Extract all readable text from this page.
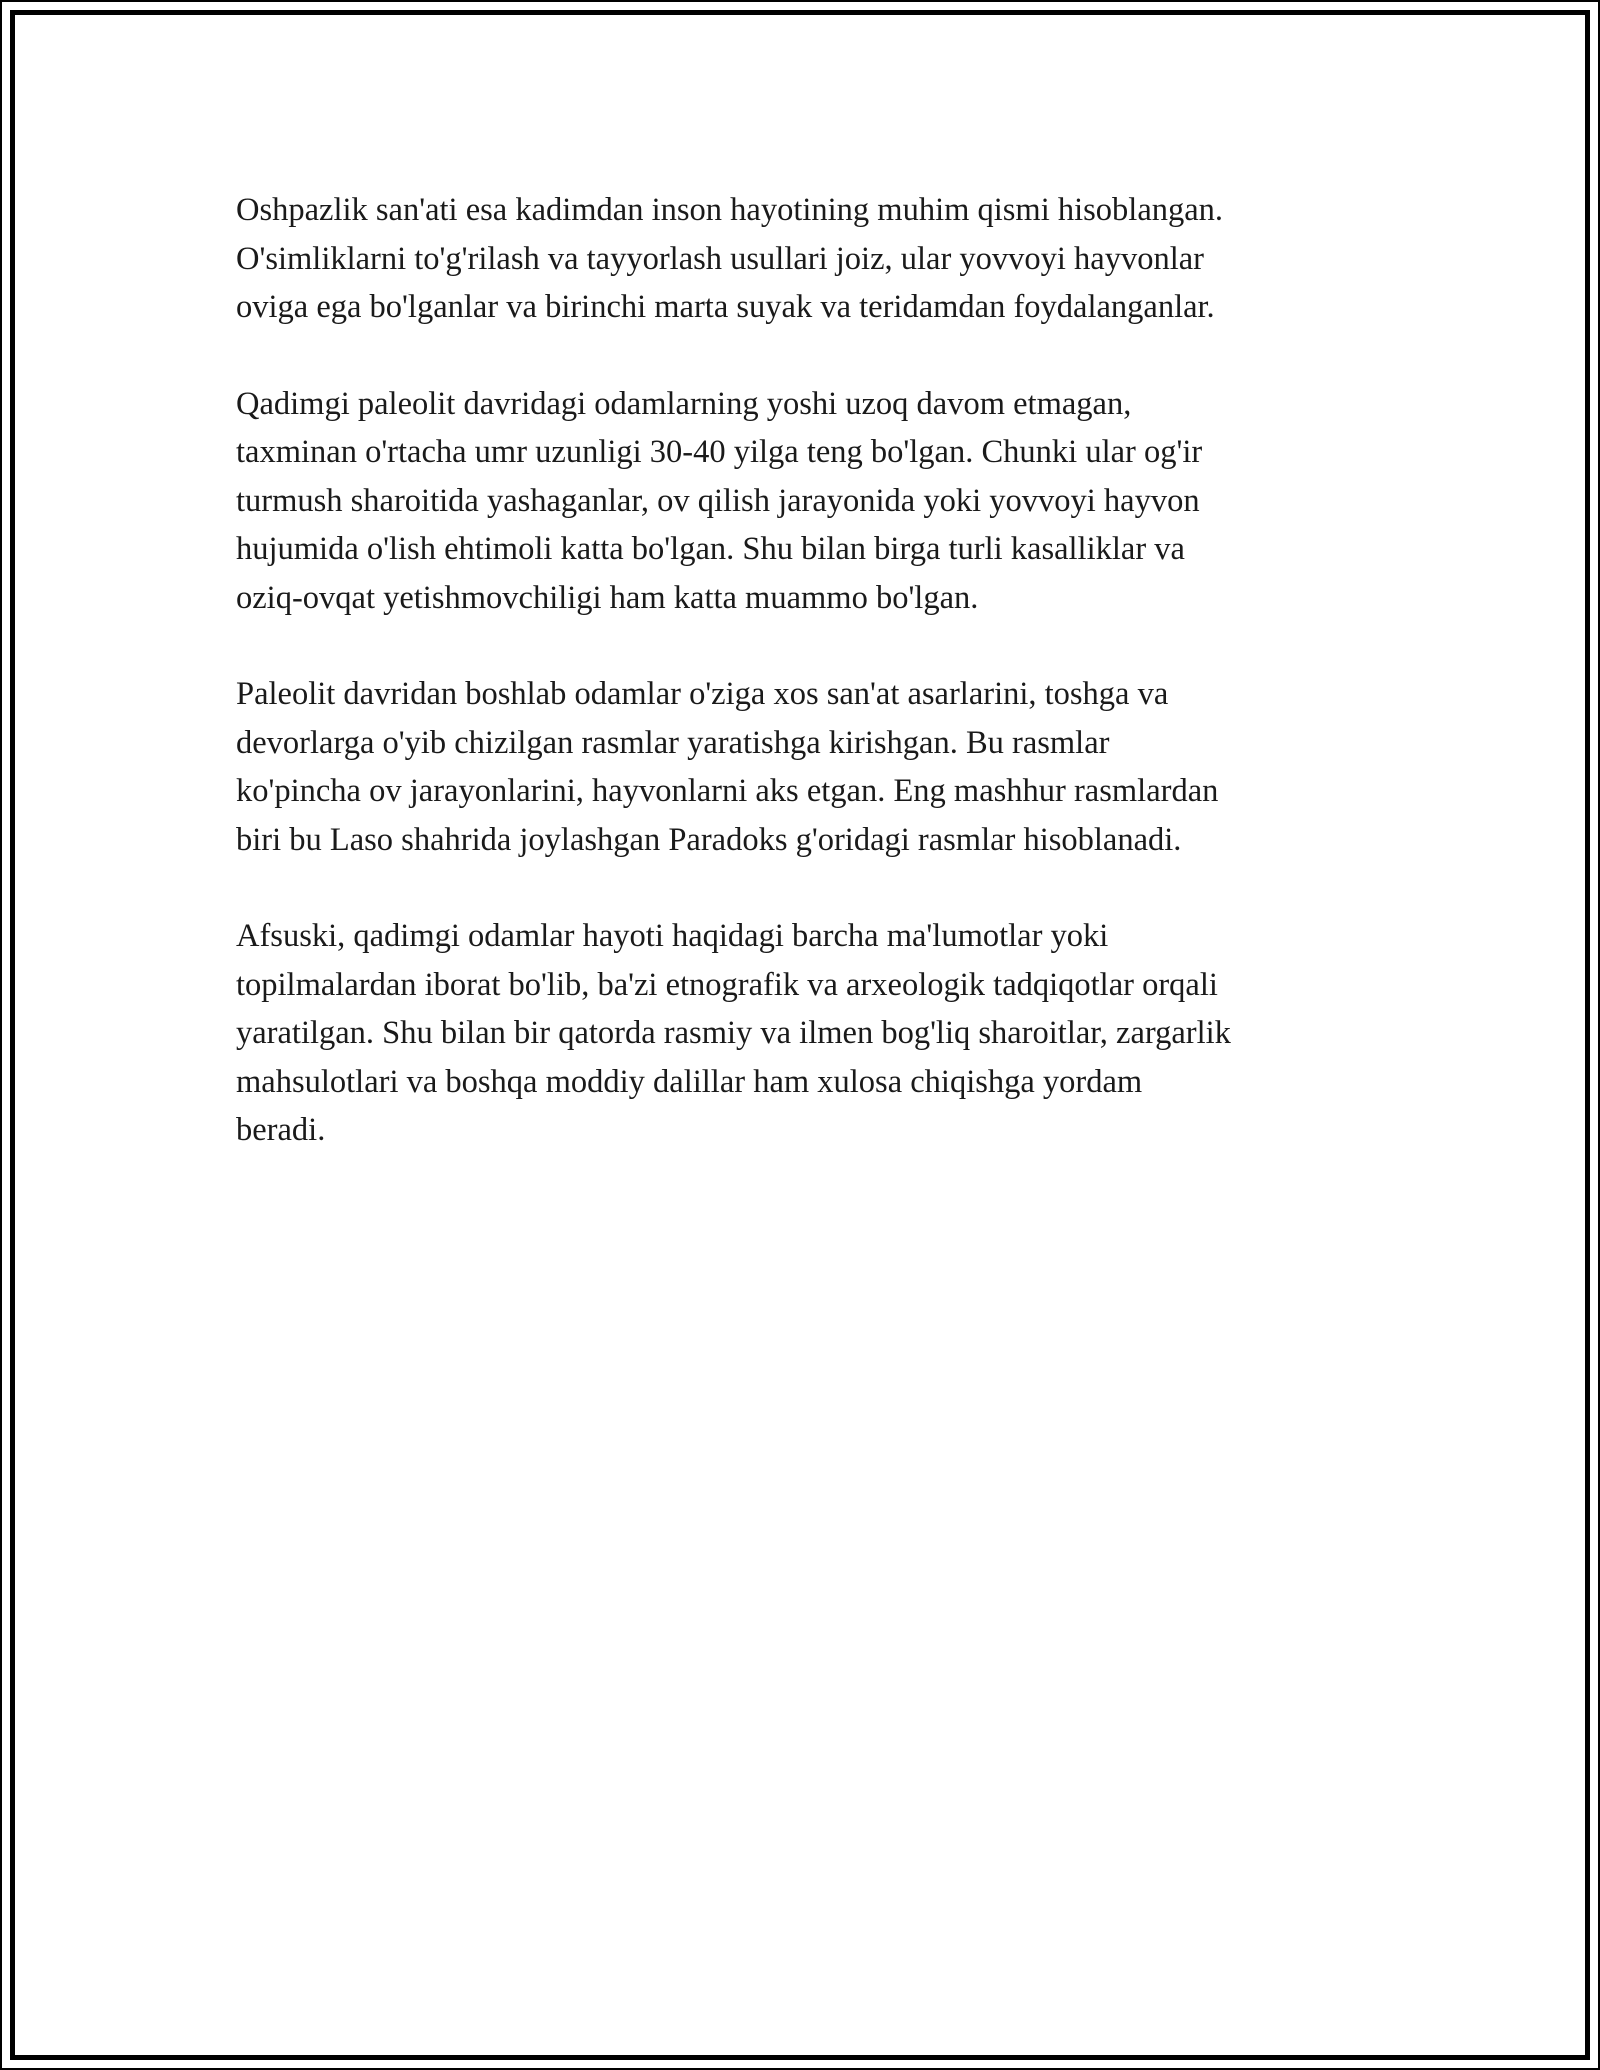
Oshpazlik san'ati esa kadimdan inson hayotining muhim qismi hisoblangan.
O'simliklarni to'g'rilash va tayyorlash usullari joiz, ular yovvoyi hayvonlar
oviga ega bo'lganlar va birinchi marta suyak va teridamdan foydalanganlar.

Qadimgi paleolit davridagi odamlarning yoshi uzoq davom etmagan,
taxminan o'rtacha umr uzunligi 30-40 yilga teng bo'lgan. Chunki ular og'ir
turmush sharoitida yashaganlar, ov qilish jarayonida yoki yovvoyi hayvon
hujumida o'lish ehtimoli katta bo'lgan. Shu bilan birga turli kasalliklar va
oziq-ovqat yetishmovchiligi ham katta muammo bo'lgan.

Paleolit davridan boshlab odamlar o'ziga xos san'at asarlarini, toshga va
devorlarga o'yib chizilgan rasmlar yaratishga kirishgan. Bu rasmlar
ko'pincha ov jarayonlarini, hayvonlarni aks etgan. Eng mashhur rasmlardan
biri bu Laso shahrida joylashgan Paradoks g'oridagi rasmlar hisoblanadi.

Afsuski, qadimgi odamlar hayoti haqidagi barcha ma'lumotlar yoki
topilmalardan iborat bo'lib, ba'zi etnografik va arxeologik tadqiqotlar orqali
yaratilgan. Shu bilan bir qatorda rasmiy va ilmen bog'liq sharoitlar, zargarlik
mahsulotlari va boshqa moddiy dalillar ham xulosa chiqishga yordam
beradi.
